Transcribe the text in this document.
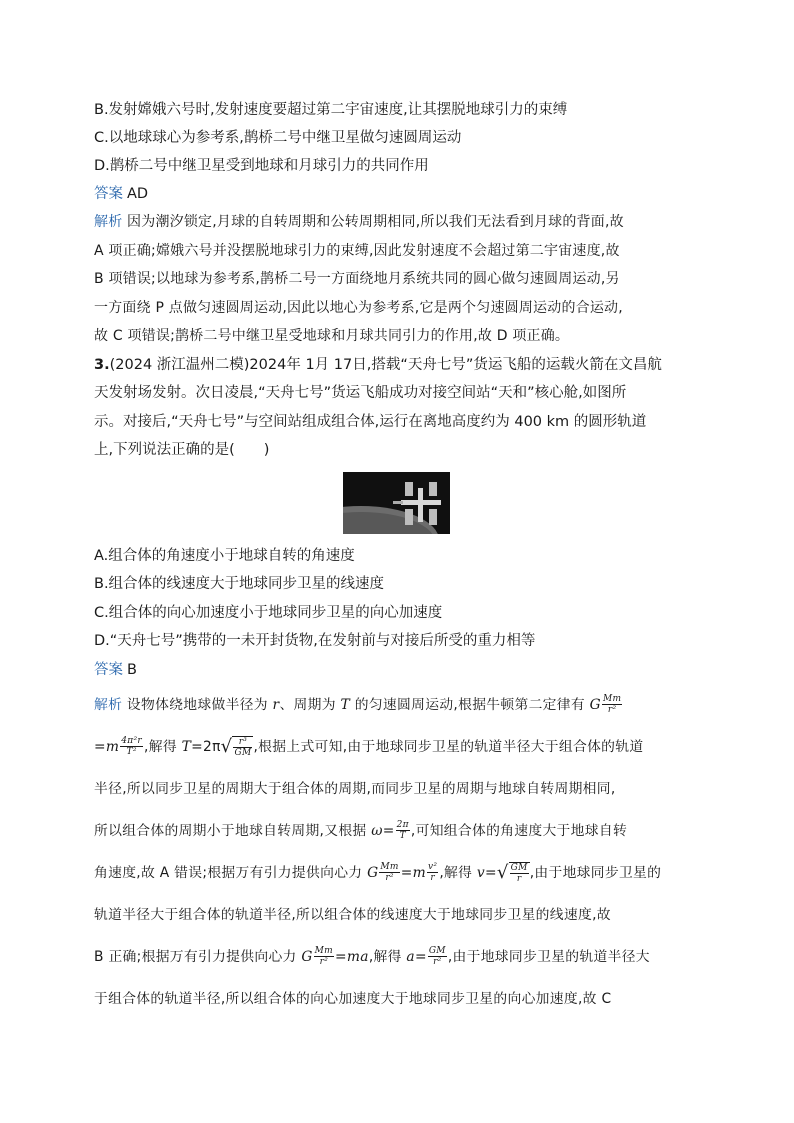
B.发射嫦娥六号时,发射速度要超过第二宇宙速度,让其摆脱地球引力的束缚
C.以地球球心为参考系,鹊桥二号中继卫星做匀速圆周运动
D.鹊桥二号中继卫星受到地球和月球引力的共同作用
答案 AD
解析 因为潮汐锁定,月球的自转周期和公转周期相同,所以我们无法看到月球的背面,故
A 项正确;嫦娥六号并没摆脱地球引力的束缚,因此发射速度不会超过第二宇宙速度,故
B 项错误;以地球为参考系,鹊桥二号一方面绕地月系统共同的圆心做匀速圆周运动,另
一方面绕 P 点做匀速圆周运动,因此以地心为参考系,它是两个匀速圆周运动的合运动,
故 C 项错误;鹊桥二号中继卫星受地球和月球共同引力的作用,故 D 项正确。
3.(2024 浙江温州二模)2024年 1月 17日,搭载“天舟七号”货运飞船的运载火箭在文昌航
天发射场发射。次日凌晨,“天舟七号”货运飞船成功对接空间站“天和”核心舱,如图所
示。对接后,“天舟七号”与空间站组成组合体,运行在离地高度约为 400 km 的圆形轨道
上,下列说法正确的是(　　)
A.组合体的角速度小于地球自转的角速度
B.组合体的线速度大于地球同步卫星的线速度
C.组合体的向心加速度小于地球同步卫星的向心加速度
D.“天舟七号”携带的一未开封货物,在发射前与对接后所受的重力相等
答案 B
解析 设物体绕地球做半径为 r、周期为 T 的匀速圆周运动,根据牛顿第二定律有 G $\frac{Mm}{\text{r²}}$
$=m \frac{\text{4π²r}}{\text{T²}}$ ,解得 $T=2\pi√ \frac{\text{r³}}{GM}$ ,根据上式可知,由于地球同步卫星的轨道半径大于组合体的轨道
半径,所以同步卫星的周期大于组合体的周期,而同步卫星的周期与地球自转周期相同,
所以组合体的周期小于地球自转周期,又根据 $\omega= \frac{2\pi}{T}$ ,可知组合体的角速度大于地球自转
角速度,故 A 错误;根据万有引力提供向心力 G $\frac{Mm}{\text{r²}} =m \frac{\text{v²}}{r}$ ,解得 $v=√ \frac{GM}{r}$ ,由于地球同步卫星的
轨道半径大于组合体的轨道半径,所以组合体的线速度大于地球同步卫星的线速度,故
B 正确;根据万有引力提供向心力 G $\frac{Mm}{\text{r²}} =ma$,解得 $a= \frac{GM}{\text{r²}}$ ,由于地球同步卫星的轨道半径大
于组合体的轨道半径,所以组合体的向心加速度大于地球同步卫星的向心加速度,故 C
